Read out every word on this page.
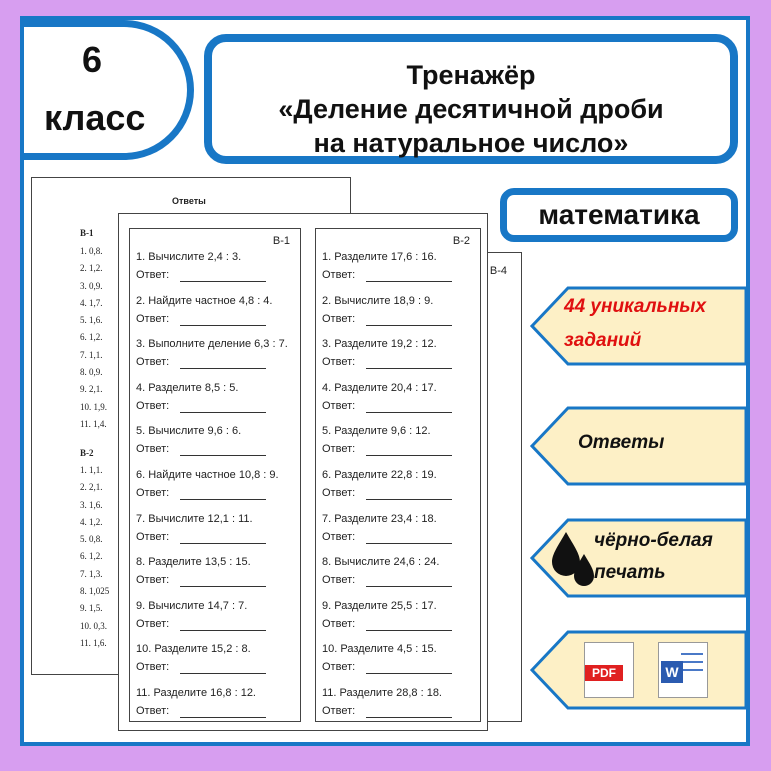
6
класс
Тренажёр
«Деление десятичной дроби
на натуральное число»
математика
Ответы
В-1
1. 0,8.
2. 1,2.
3. 0,9.
4. 1,7.
5. 1,6.
6. 1,2.
7. 1,1.
8. 0,9.
9. 2,1.
10. 1,9.
11. 1,4.
В-2
1. 1,1.
2. 2,1.
3. 1,6.
4. 1,2.
5. 0,8.
6. 1,2.
7. 1,3.
8. 1,025
9. 1,5.
10. 0,3.
11. 1,6.
В-4
В-1
1. Вычислите 2,4 : 3.
Ответ:
2. Найдите частное 4,8 : 4.
Ответ:
3. Выполните деление 6,3 : 7.
Ответ:
4. Разделите 8,5 : 5.
Ответ:
5. Вычислите 9,6 : 6.
Ответ:
6. Найдите частное 10,8 : 9.
Ответ:
7. Вычислите 12,1 : 11.
Ответ:
8. Разделите 13,5 : 15.
Ответ:
9. Вычислите 14,7 : 7.
Ответ:
10. Разделите 15,2 : 8.
Ответ:
11. Разделите 16,8 : 12.
Ответ:
В-2
1. Разделите 17,6 : 16.
Ответ:
2. Вычислите 18,9 : 9.
Ответ:
3. Разделите 19,2 : 12.
Ответ:
4. Разделите 20,4 : 17.
Ответ:
5. Разделите 9,6 : 12.
Ответ:
6. Разделите 22,8 : 19.
Ответ:
7. Разделите 23,4 : 18.
Ответ:
8. Вычислите 24,6 : 24.
Ответ:
9. Разделите 25,5 : 17.
Ответ:
10. Разделите 4,5 : 15.
Ответ:
11. Разделите 28,8 : 18.
Ответ:
44 уникальных
заданий
Ответы
чёрно-белая
печать
PDF	W
